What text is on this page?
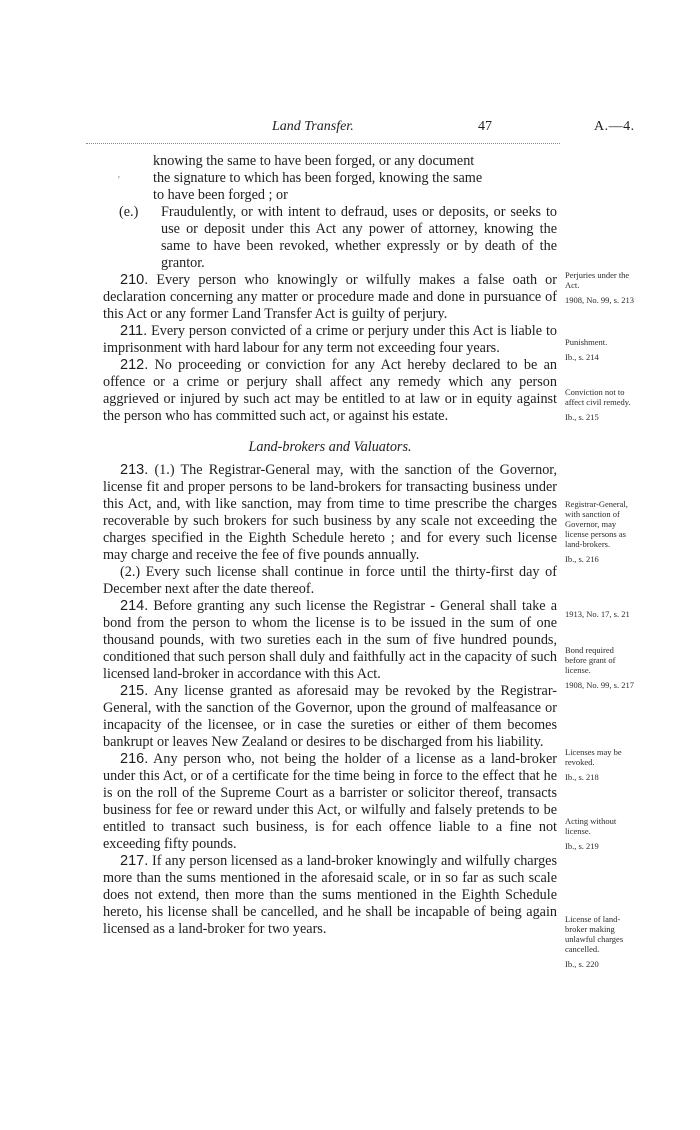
Land Transfer.	47	A.—4.
'
knowing the same to have been forged, or any document
the signature to which has been forged, knowing the same
to have been forged ; or
(e.) Fraudulently, or with intent to defraud, uses or deposits, or seeks to use or deposit under this Act any power of attorney, knowing the same to have been revoked, whether expressly or by death of the grantor.
210. Every person who knowingly or wilfully makes a false oath or declaration concerning any matter or procedure made and done in pursuance of this Act or any former Land Transfer Act is guilty of perjury.
211. Every person convicted of a crime or perjury under this Act is liable to imprisonment with hard labour for any term not exceeding four years.
212. No proceeding or conviction for any Act hereby declared to be an offence or a crime or perjury shall affect any remedy which any person aggrieved or injured by such act may be entitled to at law or in equity against the person who has committed such act, or against his estate.
Land-brokers and Valuators.
213. (1.) The Registrar-General may, with the sanction of the Governor, license fit and proper persons to be land-brokers for transacting business under this Act, and, with like sanction, may from time to time prescribe the charges recoverable by such brokers for such business by any scale not exceeding the charges specified in the Eighth Schedule hereto ; and for every such license may charge and receive the fee of five pounds annually.
(2.) Every such license shall continue in force until the thirty-first day of December next after the date thereof.
214. Before granting any such license the Registrar - General shall take a bond from the person to whom the license is to be issued in the sum of one thousand pounds, with two sureties each in the sum of five hundred pounds, conditioned that such person shall duly and faithfully act in the capacity of such licensed land-broker in accordance with this Act.
215. Any license granted as aforesaid may be revoked by the Registrar-General, with the sanction of the Governor, upon the ground of malfeasance or incapacity of the licensee, or in case the sureties or either of them becomes bankrupt or leaves New Zealand or desires to be discharged from his liability.
216. Any person who, not being the holder of a license as a land-broker under this Act, or of a certificate for the time being in force to the effect that he is on the roll of the Supreme Court as a barrister or solicitor thereof, transacts business for fee or reward under this Act, or wilfully and falsely pretends to be entitled to transact such business, is for each offence liable to a fine not exceeding fifty pounds.
217. If any person licensed as a land-broker knowingly and wilfully charges more than the sums mentioned in the aforesaid scale, or in so far as such scale does not extend, then more than the sums mentioned in the Eighth Schedule hereto, his license shall be cancelled, and he shall be incapable of being again licensed as a land-broker for two years.
Perjuries under the
Act.
1908, No. 99, s. 213
Punishment.
Ib., s. 214
Conviction not to
affect civil remedy.
Ib., s. 215
Registrar-General,
with sanction of
Governor, may
license persons as
land-brokers.
Ib., s. 216
1913, No. 17, s. 21
Bond required
before grant of
license.
1908, No. 99, s. 217
Licenses may be
revoked.
Ib., s. 218
Acting without
license.
Ib., s. 219
License of land-
broker making
unlawful charges
cancelled.
Ib., s. 220
